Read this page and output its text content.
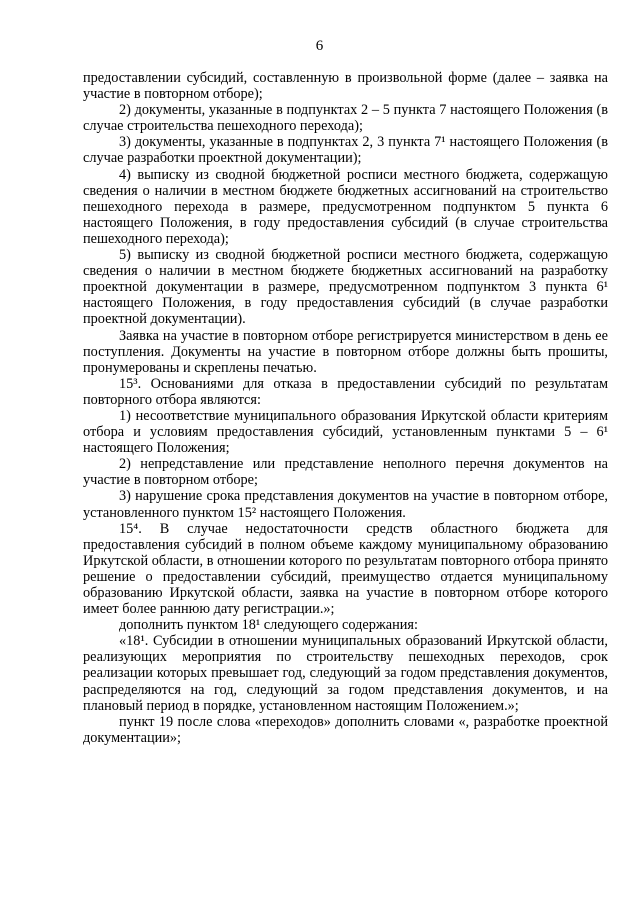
6

предоставлении субсидий, составленную в произвольной форме (далее – заявка на участие в повторном отборе);

2) документы, указанные в подпунктах 2 – 5 пункта 7 настоящего Положения (в случае строительства пешеходного перехода);

3) документы, указанные в подпунктах 2, 3 пункта 7¹ настоящего Положения (в случае разработки проектной документации);

4) выписку из сводной бюджетной росписи местного бюджета, содержащую сведения о наличии в местном бюджете бюджетных ассигнований на строительство пешеходного перехода в размере, предусмотренном подпунктом 5 пункта 6 настоящего Положения, в году предоставления субсидий (в случае строительства пешеходного перехода);

5) выписку из сводной бюджетной росписи местного бюджета, содержащую сведения о наличии в местном бюджете бюджетных ассигнований на разработку проектной документации в размере, предусмотренном подпунктом 3 пункта 6¹ настоящего Положения, в году предоставления субсидий (в случае разработки проектной документации).

Заявка на участие в повторном отборе регистрируется министерством в день ее поступления. Документы на участие в повторном отборе должны быть прошиты, пронумерованы и скреплены печатью.

15³. Основаниями для отказа в предоставлении субсидий по результатам повторного отбора являются:

1) несоответствие муниципального образования Иркутской области критериям отбора и условиям предоставления субсидий, установленным пунктами 5 – 6¹ настоящего Положения;

2) непредставление или представление неполного перечня документов на участие в повторном отборе;

3) нарушение срока представления документов на участие в повторном отборе, установленного пунктом 15² настоящего Положения.

15⁴. В случае недостаточности средств областного бюджета для предоставления субсидий в полном объеме каждому муниципальному образованию Иркутской области, в отношении которого по результатам повторного отбора принято решение о предоставлении субсидий, преимущество отдается муниципальному образованию Иркутской области, заявка на участие в повторном отборе которого имеет более раннюю дату регистрации.»;

дополнить пунктом 18¹ следующего содержания:

«18¹. Субсидии в отношении муниципальных образований Иркутской области, реализующих мероприятия по строительству пешеходных переходов, срок реализации которых превышает год, следующий за годом представления документов, распределяются на год, следующий за годом представления документов, и на плановый период в порядке, установленном настоящим Положением.»;

пункт 19 после слова «переходов» дополнить словами «, разработке проектной документации»;
